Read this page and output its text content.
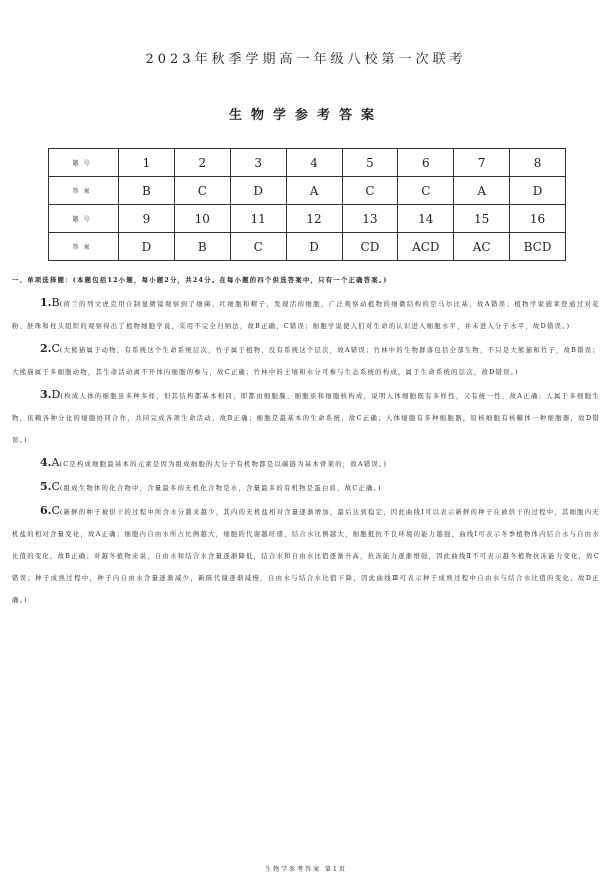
2023年秋季学期高一年级八校第一次联考
生物学参考答案
题号	1	2	3	4	5	6	7	8
答案	B	C	D	A	C	C	A	D
题号	9	10	11	12	13	14	15	16
答案	D	B	C	D	CD	ACD	AC	BCD

一、单项选择题：(本题包括12小题，每小题2分，共24分。在每小题的四个供选答案中，只有一个正确答案。)

1.B(荷兰的列文虎克用自制显微镜观察到了细菌、红细胞和精子，发现活的细胞，广泛观察动植物的细微结构的是马尔比基，故A错误；植物学家施莱登通过对花粉、胚珠和柱头组织的观察得出了植物细胞学说，采用不完全归纳法，故B正确，C错误；细胞学说使人们对生命的认识进入细胞水平，并未进入分子水平，故D错误。)

2.C(大熊猫属于动物，有系统这个生命系统层次，竹子属于植物，没有系统这个层次，故A错误；竹林中的生物群落包括全部生物，不只是大熊猫和竹子，故B错误；大熊猫属于多细胞动物，其生命活动离不开体内细胞的参与，故C正确；竹林中的土壤和水分可参与生态系统的构成，属于生命系统的层次，故D错误。)

3.D(构成人体的细胞虽多种多样，但其结构都基本相同，即都由细胞膜、细胞质和细胞核构成，说明人体细胞既有多样性，又有统一性，故A正确；人属于多细胞生物，依赖各种分化的细胞协同合作，共同完成各项生命活动，故B正确；细胞是最基本的生命系统，故C正确；人体细胞有多种细胞器，原核细胞有核糖体一种细胞器，故D错误。)

4.A(C是构成细胞最基本的元素是因为组成细胞的大分子有机物都是以碳链为基本骨架的，故A错误。)

5.C(组成生物体的化合物中，含量最多的无机化合物是水，含量最多的有机物是蛋白质，故C正确。)

6.C(新鲜的种子被烘干的过程中所含水分越来越少，其内的无机盐相对含量逐渐增加，最后达到稳定，因此曲线Ⅰ可以表示新鲜的种子在被烘干的过程中，其细胞内无机盐的相对含量变化，故A正确；细胞内自由水所占比例越大，细胞的代谢越旺盛，结合水比例越大，细胞抵抗不良环境的能力越强，曲线Ⅰ可表示冬季植物体内结合水与自由水比值的变化，故B正确；对越冬植物来说，自由水和结合水含量逐渐降低，结合水和自由水比值逐渐升高，抗冻能力逐渐增强，因此曲线Ⅱ不可表示越冬植物抗冻能力变化，故C错误；种子成熟过程中，种子内自由水含量逐渐减少，新陈代谢逐渐减慢，自由水与结合水比值下降，因此曲线Ⅲ可表示种子成熟过程中自由水与结合水比值的变化，故D正确。)

生物学参考答案 第1页
